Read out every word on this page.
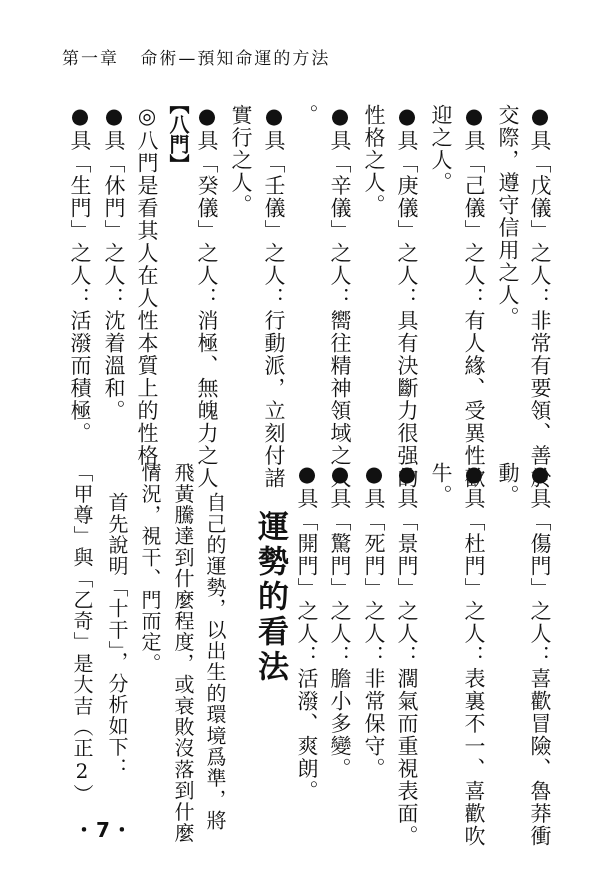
第一章 命術—預知命運的方法
●具「戊儀」之人：非常有要領、善於
交際，遵守信用之人。
●具「己儀」之人：有人緣、受異性歡
迎之人。
●具「庚儀」之人：具有決斷力很强的
性格之人。
●具「辛儀」之人：嚮往精神領域之人
。
●具「壬儀」之人：行動派，立刻付諸
實行之人。
●具「癸儀」之人：消極、無魄力之人
【八門】
◎八門是看其人在人性本質上的性格。
●具「休門」之人：沈着溫和。
●具「生門」之人：活潑而積極。
●具「傷門」之人：喜歡冒險、魯莽衝
動。
●具「杜門」之人：表裏不一、喜歡吹
牛。
●具「景門」之人：濶氣而重視表面。
●具「死門」之人：非常保守。
●具「驚門」之人：膽小多變。
●具「開門」之人：活潑、爽朗。
運勢的看法
自己的運勢，以出生的環境爲準，將
飛黃騰達到什麼程度，或衰敗沒落到什麼
情況，視干、門而定。
首先說明「十干」，分析如下：
「甲尊」與「乙奇」是大吉（正2）
・7・
